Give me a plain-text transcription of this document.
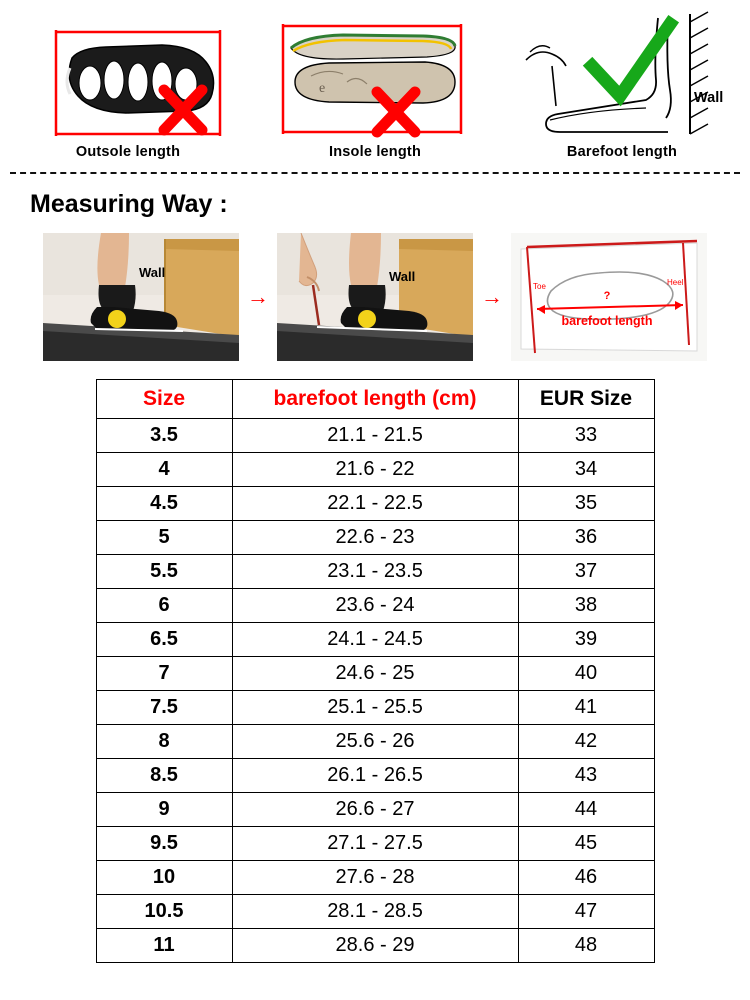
Outsole length
e
Insole length
Wall
Barefoot length
Measuring Way :
Wall
→
Wall
→	?
barefoot length
Toe	Heel
Size	barefoot length (cm)	EUR Size
3.5	21.1 - 21.5	33
4	21.6 - 22	34
4.5	22.1 - 22.5	35
5	22.6 - 23	36
5.5	23.1 - 23.5	37
6	23.6 - 24	38
6.5	24.1 - 24.5	39
7	24.6 - 25	40
7.5	25.1 - 25.5	41
8	25.6 - 26	42
8.5	26.1 - 26.5	43
9	26.6 - 27	44
9.5	27.1 - 27.5	45
10	27.6 - 28	46
10.5	28.1 - 28.5	47
11	28.6 - 29	48
